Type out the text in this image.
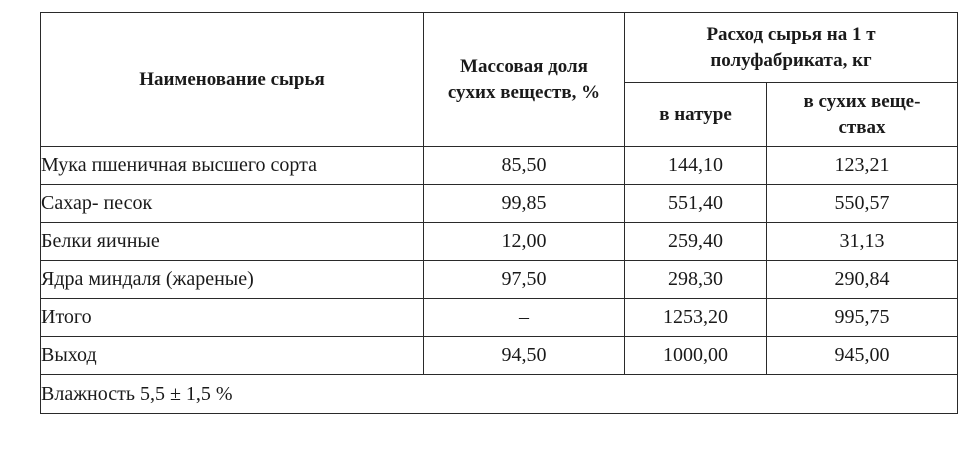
Наименование сырья	Массовая доля сухих веществ, %	Расход сырья на 1 т полуфабриката, кг	
		в натуре	в сухих веще-ствах
Мука пшеничная высшего сорта	85,50	144,10	123,21
Сахар- песок	99,85	551,40	550,57
Белки яичные	12,00	259,40	31,13
Ядра миндаля (жареные)	97,50	298,30	290,84
Итого	–	1253,20	995,75
Выход	94,50	1000,00	945,00
Влажность 5,5 ± 1,5 %			
